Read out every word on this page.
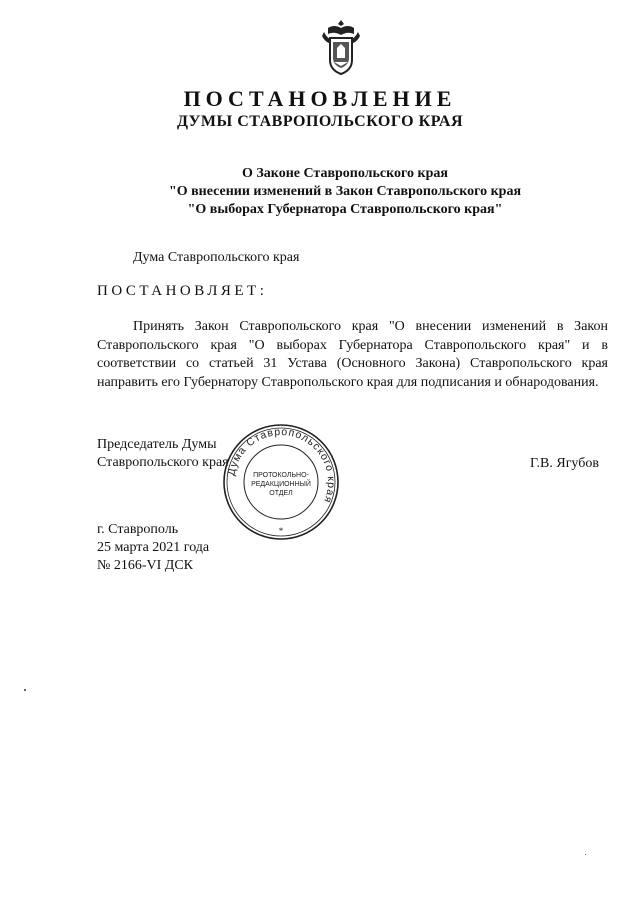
ПОСТАНОВЛЕНИЕ
ДУМЫ СТАВРОПОЛЬСКОГО КРАЯ
О Законе Ставропольского края
"О внесении изменений в Закон Ставропольского края
"О выборах Губернатора Ставропольского края"
Дума Ставропольского края
ПОСТАНОВЛЯЕТ:
Принять Закон Ставропольского края "О внесении изменений в Закон Ставропольского края "О выборах Губернатора Ставропольского края" и в соответствии со статьей 31 Устава (Основного Закона) Ставропольского края направить его Губернатору Ставропольского края для подписания и обнародования.
Председатель Думы
Ставропольского края	Г.В. Ягубов
Дума Ставропольского края
ПРОТОКОЛЬНО-
РЕДАКЦИОННЫЙ
ОТДЕЛ
*
г. Ставрополь
25 марта 2021 года
№ 2166-VI ДСК
